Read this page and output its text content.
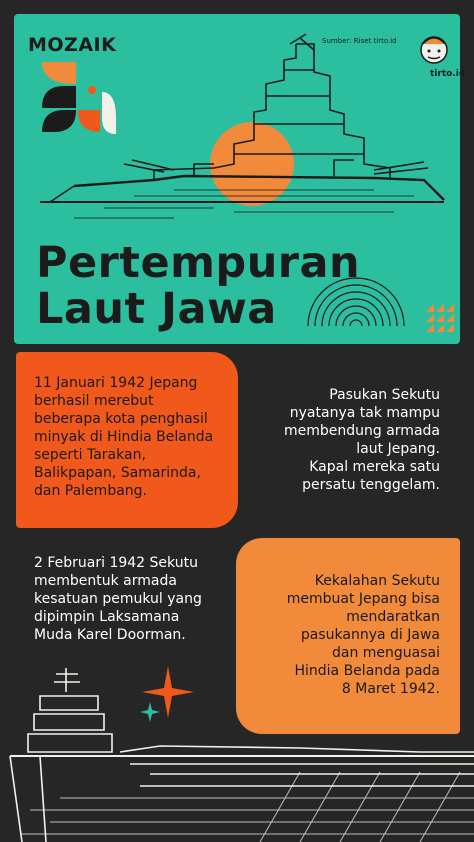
MOZAIK	Sumber: Riset tirto.id
tirto.id
Pertempuran
Laut Jawa
11 Januari 1942 Jepang
berhasil merebut
beberapa kota penghasil
minyak di Hindia Belanda
seperti Tarakan,
Balikpapan, Samarinda,
dan Palembang.
Pasukan Sekutu
nyatanya tak mampu
membendung armada
laut Jepang.
Kapal mereka satu
persatu tenggelam.
2 Februari 1942 Sekutu
membentuk armada
kesatuan pemukul yang
dipimpin Laksamana
Muda Karel Doorman.
Kekalahan Sekutu
membuat Jepang bisa
mendaratkan
pasukannya di Jawa
dan menguasai
Hindia Belanda pada
8 Maret 1942.
